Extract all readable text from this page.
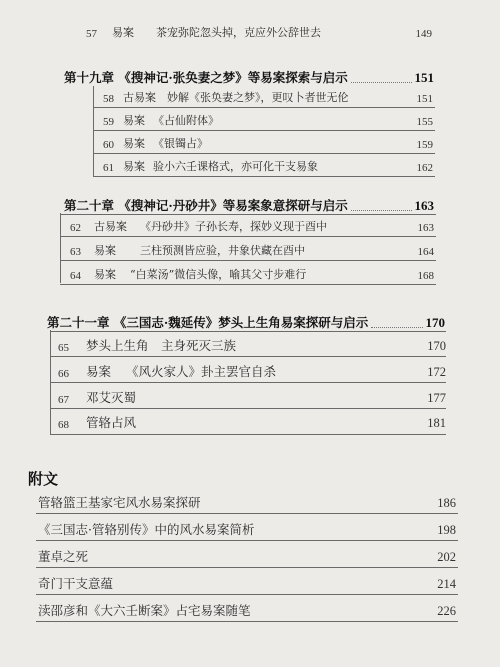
57	易案	茶宠弥陀忽头掉，克应外公辞世去	149
第十九章 《搜神记·张奂妻之梦》等易案探索与启示	151
58 古易案	妙解《张奂妻之梦》，更叹卜者世无伦	151
59 易案 《占仙附体》	155
60 易案 《银镯占》	159
61 易案 验小六壬课格式，亦可化干支易象	162
第二十章 《搜神记·丹砂井》等易案象意探研与启示	163
62	古易案	《丹砂井》子孙长寿，探妙义现于酉中	163
63	易案	三柱预测皆应验，井象伏藏在酉中	164
64	易案	“白菜汤”微信头像，喻其父寸步难行	168
第二十一章 《三国志·魏延传》梦头上生角易案探研与启示	170
65	梦头上生角　主身死灭三族	170
66	易案	《风火家人》卦主罢官自杀	172
67	邓艾灭蜀	177
68	管辂占风	181
附文
管辂篮王基家宅风水易案探研	186
《三国志·管辂别传》中的风水易案简析	198
董卓之死	202
奇门干支意蕴	214
渎邵彦和《大六壬断案》占宅易案随笔	226
